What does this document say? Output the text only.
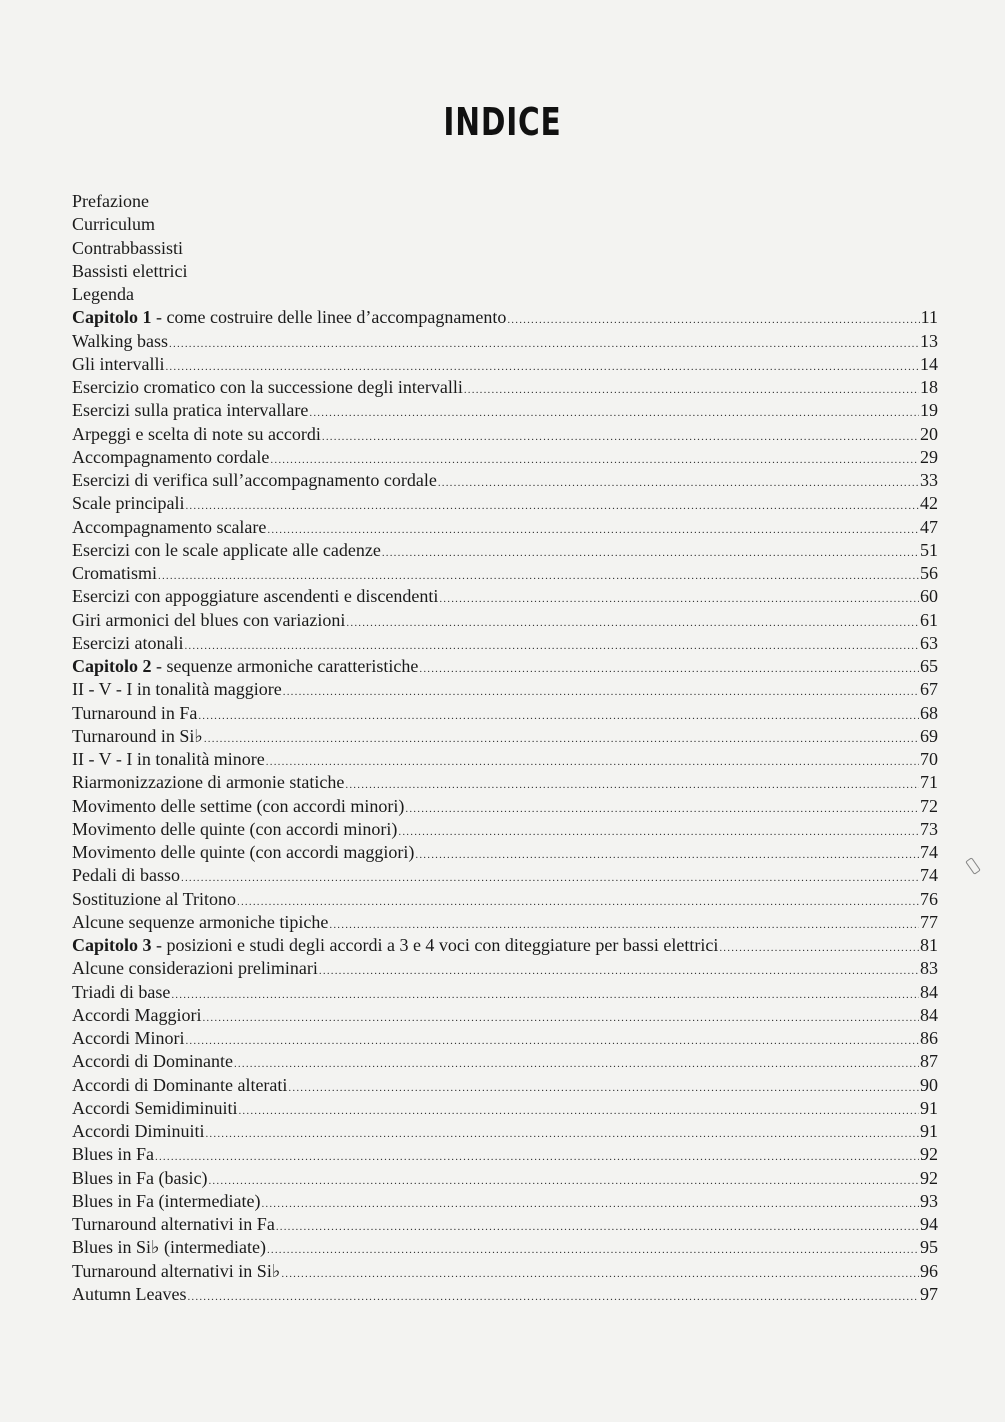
INDICE
Prefazione
Curriculum
Contrabbassisti
Bassisti elettrici
Legenda
Capitolo 1 - come costruire delle linee d’accompagnamento .....	11
Walking bass .....	13
Gli intervalli .....	14
Esercizio cromatico con la successione degli intervalli .....	18
Esercizi sulla pratica intervallare .....	19
Arpeggi e scelta di note su accordi .....	20
Accompagnamento cordale .....	29
Esercizi di verifica sull’accompagnamento cordale .....	33
Scale principali .....	42
Accompagnamento scalare .....	47
Esercizi con le scale applicate alle cadenze .....	51
Cromatismi .....	56
Esercizi con appoggiature ascendenti e discendenti .....	60
Giri armonici del blues con variazioni .....	61
Esercizi atonali .....	63
Capitolo 2 - sequenze armoniche caratteristiche .....	65
II - V - I in tonalità maggiore .....	67
Turnaround in Fa .....	68
Turnaround in Si♭ .....	69
II - V - I in tonalità minore .....	70
Riarmonizzazione di armonie statiche .....	71
Movimento delle settime (con accordi minori) .....	72
Movimento delle quinte (con accordi minori) .....	73
Movimento delle quinte (con accordi maggiori) .....	74
Pedali di basso .....	74
Sostituzione al Tritono .....	76
Alcune sequenze armoniche tipiche .....	77
Capitolo 3 - posizioni e studi degli accordi a 3 e 4 voci con diteggiature per bassi elettrici .....	81
Alcune considerazioni preliminari .....	83
Triadi di base .....	84
Accordi Maggiori .....	84
Accordi Minori .....	86
Accordi di Dominante .....	87
Accordi di Dominante alterati .....	90
Accordi Semidiminuiti .....	91
Accordi Diminuiti .....	91
Blues in Fa .....	92
Blues in Fa (basic) .....	92
Blues in Fa (intermediate) .....	93
Turnaround alternativi in Fa .....	94
Blues in Si♭ (intermediate) .....	95
Turnaround alternativi in Si♭ .....	96
Autumn Leaves .....	97
